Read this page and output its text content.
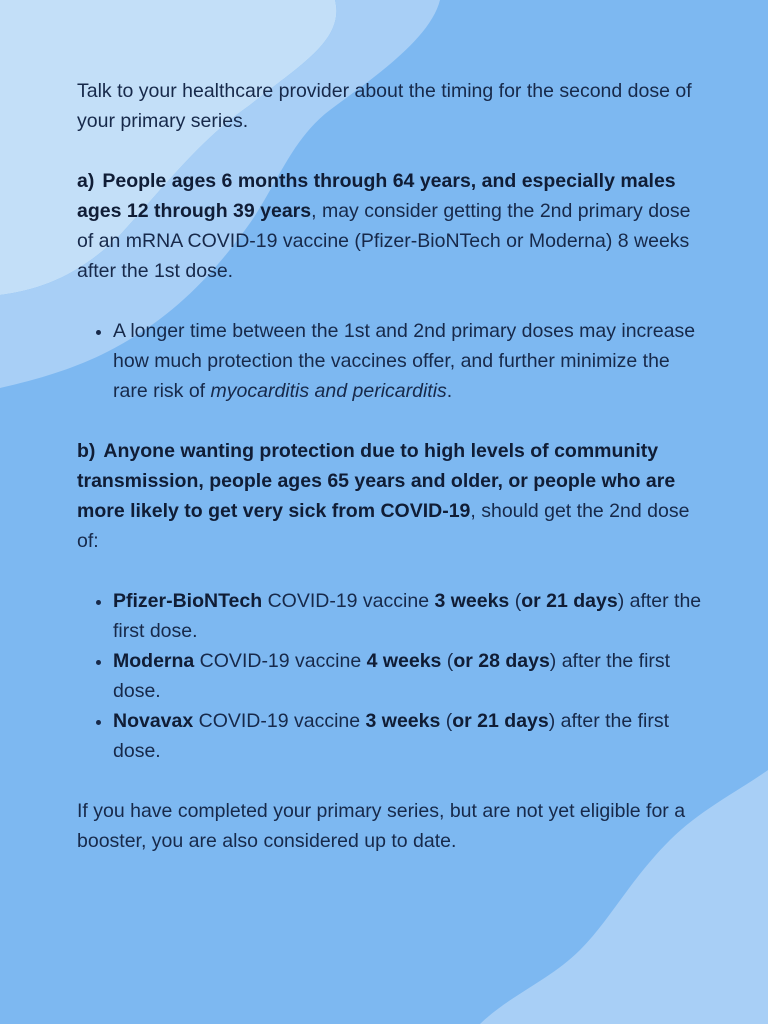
Talk to your healthcare provider about the timing for the second dose of your primary series.

a) People ages 6 months through 64 years, and especially males ages 12 through 39 years, may consider getting the 2nd primary dose of an mRNA COVID-19 vaccine (Pfizer-BioNTech or Moderna) 8 weeks after the 1st dose.

• A longer time between the 1st and 2nd primary doses may increase how much protection the vaccines offer, and further minimize the rare risk of myocarditis and pericarditis.

b) Anyone wanting protection due to high levels of community transmission, people ages 65 years and older, or people who are more likely to get very sick from COVID-19, should get the 2nd dose of:

• Pfizer-BioNTech COVID-19 vaccine 3 weeks (or 21 days) after the first dose.
• Moderna COVID-19 vaccine 4 weeks (or 28 days) after the first dose.
• Novavax COVID-19 vaccine 3 weeks (or 21 days) after the first dose.

If you have completed your primary series, but are not yet eligible for a booster, you are also considered up to date.
